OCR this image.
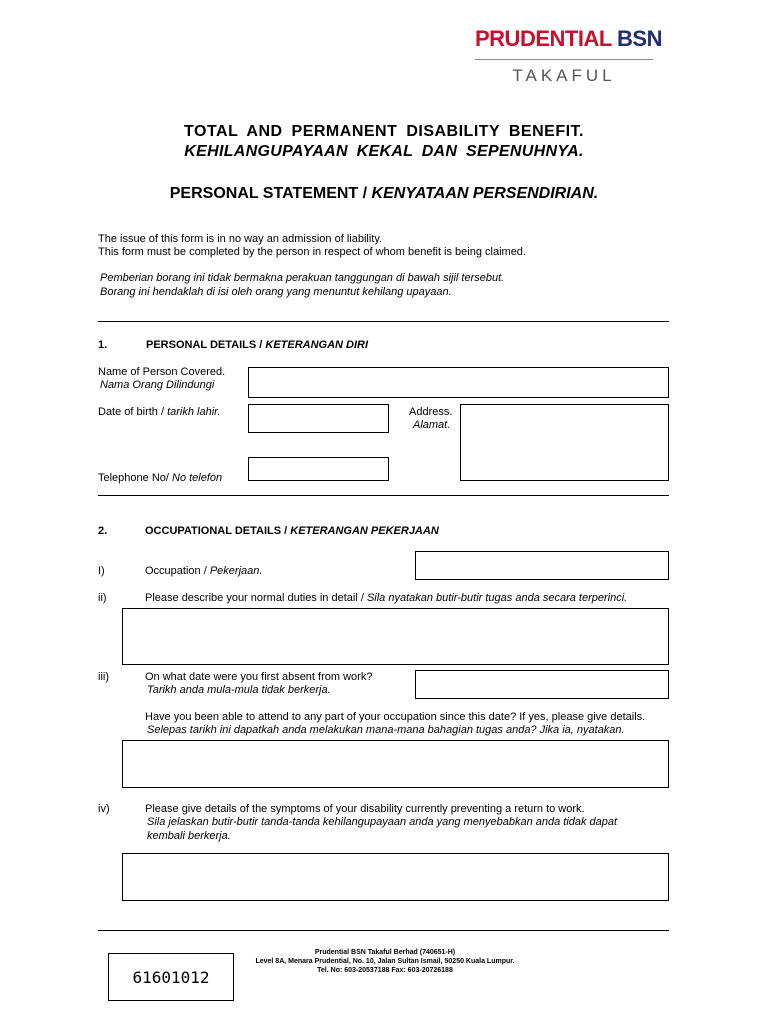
PRUDENTIAL BSN
TAKAFUL
TOTAL AND PERMANENT DISABILITY BENEFIT.
KEHILANGUPAYAAN KEKAL DAN SEPENUHNYA.
PERSONAL STATEMENT / KENYATAAN PERSENDIRIAN.
The issue of this form is in no way an admission of liability.
This form must be completed by the person in respect of whom benefit is being claimed.
Pemberian borang ini tidak bermakna perakuan tanggungan di bawah sijil tersebut.
Borang ini hendaklah di isi oleh orang yang menuntut kehilang upayaan.
1.	PERSONAL DETAILS / KETERANGAN DIRI
Name of Person Covered.
Nama Orang Dilindungi
Date of birth / tarikh lahir.	Address.
Alamat.
Telephone No/ No telefon
2.	OCCUPATIONAL DETAILS / KETERANGAN PEKERJAAN
I)	Occupation / Pekerjaan.
ii)	Please describe your normal duties in detail / Sila nyatakan butir-butir tugas anda secara terperinci.
iii)	On what date were you first absent from work?
Tarikh anda mula-mula tidak berkerja.
Have you been able to attend to any part of your occupation since this date? If yes, please give details.
Selepas tarikh ini dapatkah anda melakukan mana-mana bahagian tugas anda? Jika ia, nyatakan.
iv)	Please give details of the symptoms of your disability currently preventing a return to work.
Sila jelaskan butir-butir tanda-tanda kehilangupayaan anda yang menyebabkan anda tidak dapat
kembali berkerja.
Prudential BSN Takaful Berhad (740651-H)
Level 8A, Menara Prudential, No. 10, Jalan Sultan Ismail, 50250 Kuala Lumpur.
Tel. No: 603-20537188 Fax: 603-20726188
61601012
